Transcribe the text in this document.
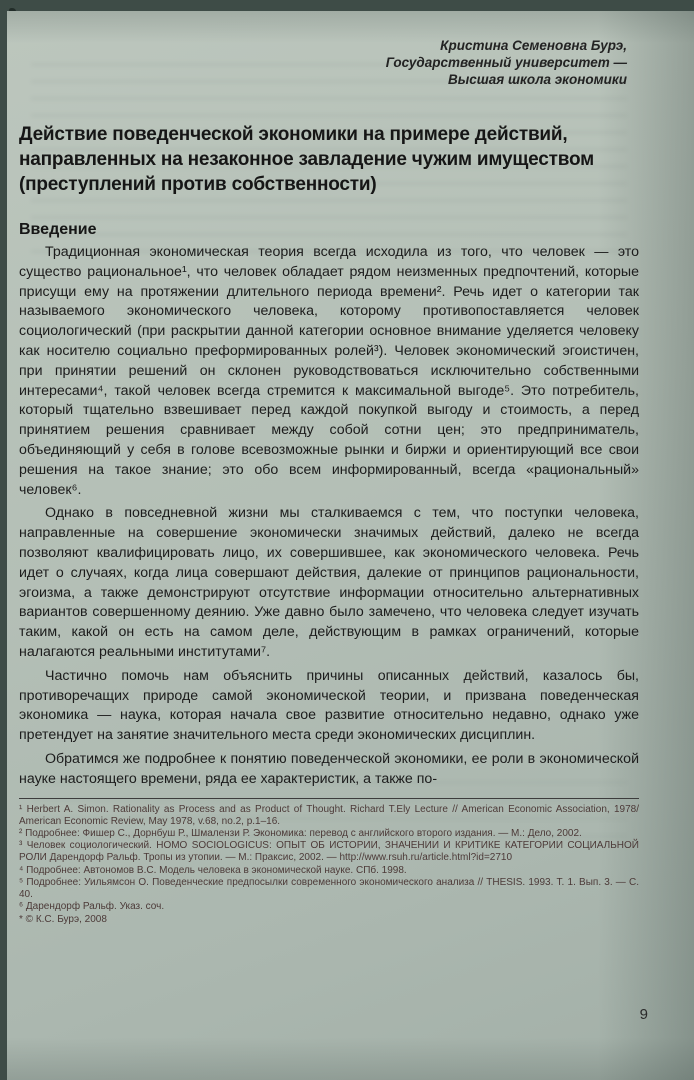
Кристина Семеновна Бурэ,
Государственный университет —
Высшая школа экономики
Действие поведенческой экономики на примере действий, направленных на незаконное завладение чужим имуществом (преступлений против собственности)
Введение

Традиционная экономическая теория всегда исходила из того, что человек — это существо рациональное¹, что человек обладает рядом неизменных предпочтений, которые присущи ему на протяжении длительного периода времени². Речь идет о категории так называемого экономического человека, которому противопоставляется человек социологический (при раскрытии данной категории основное внимание уделяется человеку как носителю социально преформированных ролей³). Человек экономический эгоистичен, при принятии решений он склонен руководствоваться исключительно собственными интересами⁴, такой человек всегда стремится к максимальной выгоде⁵. Это потребитель, который тщательно взвешивает перед каждой покупкой выгоду и стоимость, а перед принятием решения сравнивает между собой сотни цен; это предприниматель, объединяющий у себя в голове всевозможные рынки и биржи и ориентирующий все свои решения на такое знание; это обо всем информированный, всегда «рациональный» человек⁶.

Однако в повседневной жизни мы сталкиваемся с тем, что поступки человека, направленные на совершение экономически значимых действий, далеко не всегда позволяют квалифицировать лицо, их совершившее, как экономического человека. Речь идет о случаях, когда лица совершают действия, далекие от принципов рациональности, эгоизма, а также демонстрируют отсутствие информации относительно альтернативных вариантов совершенному деянию. Уже давно было замечено, что человека следует изучать таким, какой он есть на самом деле, действующим в рамках ограничений, которые налагаются реальными институтами⁷.

Частично помочь нам объяснить причины описанных действий, казалось бы, противоречащих природе самой экономической теории, и призвана поведенческая экономика — наука, которая начала свое развитие относительно недавно, однако уже претендует на занятие значительного места среди экономических дисциплин.

Обратимся же подробнее к понятию поведенческой экономики, ее роли в экономической науке настоящего времени, ряда ее характеристик, а также по-

¹ Herbert A. Simon. Rationality as Process and as Product of Thought. Richard T.Ely Lecture // American Economic Association, 1978/ American Economic Review, May 1978, v.68, no.2, p.1–16.

² Подробнее: Фишер С., Дорнбуш Р., Шмалензи Р. Экономика: перевод с английского второго издания. — М.: Дело, 2002.

³ Человек социологический. HOMO SOCIOLOGICUS: ОПЫТ ОБ ИСТОРИИ, ЗНАЧЕНИИ И КРИТИКЕ КАТЕГОРИИ СОЦИАЛЬНОЙ РОЛИ Дарендорф Ральф. Тропы из утопии. — М.: Праксис, 2002. — http://www.rsuh.ru/article.html?id=2710

⁴ Подробнее: Автономов В.С. Модель человека в экономической науке. СПб. 1998.

⁵ Подробнее: Уильямсон О. Поведенческие предпосылки современного экономического анализа // THESIS. 1993. Т. 1. Вып. 3. — С. 40.

⁶ Дарендорф Ральф. Указ. соч.

* © К.С. Бурэ, 2008

9
